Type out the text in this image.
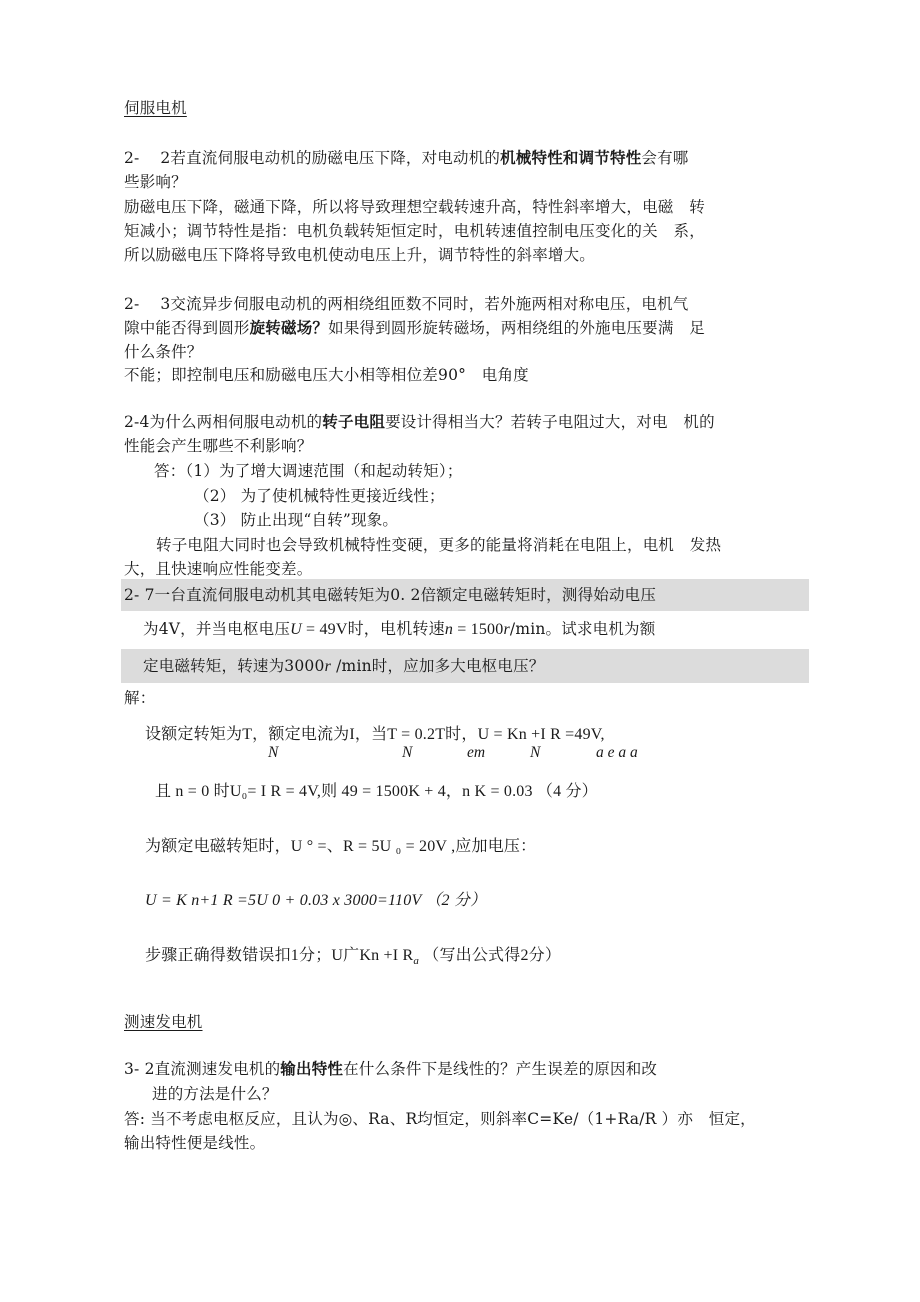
伺服电机
2-　 2若直流伺服电动机的励磁电压下降，对电动机的机械特性和调节特性会有哪
些影响？
励磁电压下降，磁通下降，所以将导致理想空载转速升高，特性斜率增大，电磁　转
矩减小；调节特性是指：电机负载转矩恒定时，电机转速值控制电压变化的关　系，
所以励磁电压下降将导致电机使动电压上升，调节特性的斜率增大。
2-　 3交流异步伺服电动机的两相绕组匝数不同时，若外施两相对称电压，电机气
隙中能否得到圆形旋转磁场？如果得到圆形旋转磁场，两相绕组的外施电压要满　足
什么条件？
不能；即控制电压和励磁电压大小相等相位差90°　电角度
2-4为什么两相伺服电动机的转子电阻要设计得相当大？若转子电阻过大，对电　机的
性能会产生哪些不利影响？
答：（1）为了增大调速范围（和起动转矩）；
（2） 为了使机械特性更接近线性；
（3） 防止出现“自转”现象。
转子电阻大同时也会导致机械特性变硬，更多的能量将消耗在电阻上，电机　发热
大，且快速响应性能变差。
2- 7一台直流伺服电动机其电磁转矩为0. 2倍额定电磁转矩时，测得始动电压
为4V，并当电枢电压U = 49V时，电机转速n = 1500r/min。试求电机为额
定电磁转矩，转速为3000r /min时，应加多大电枢电压？
解：
设额定转矩为T，额定电流为I，当T = 0.2T时，U = Kn +I R =49V,
N	N	em	N	a e a a
且 n = 0 时U₀= I R = 4V,则 49 = 1500K + 4，n K = 0.03 （4 分）
为额定电磁转矩时，U ° =、R = 5U ₀ = 20V ,应加电压：
U = K n+1 R =5U 0 + 0.03 x 3000=110V （2 分）
步骤正确得数错误扣1分；U广Kn +I $R_a$ （写出公式得2分）
测速发电机
3- 2直流测速发电机的输出特性在什么条件下是线性的？产生误差的原因和改
进的方法是什么？
答: 当不考虑电枢反应，且认为◎、Ra、R均恒定，则斜率C=Ke/（1+Ra/R ）亦　恒定，
输出特性便是线性。
